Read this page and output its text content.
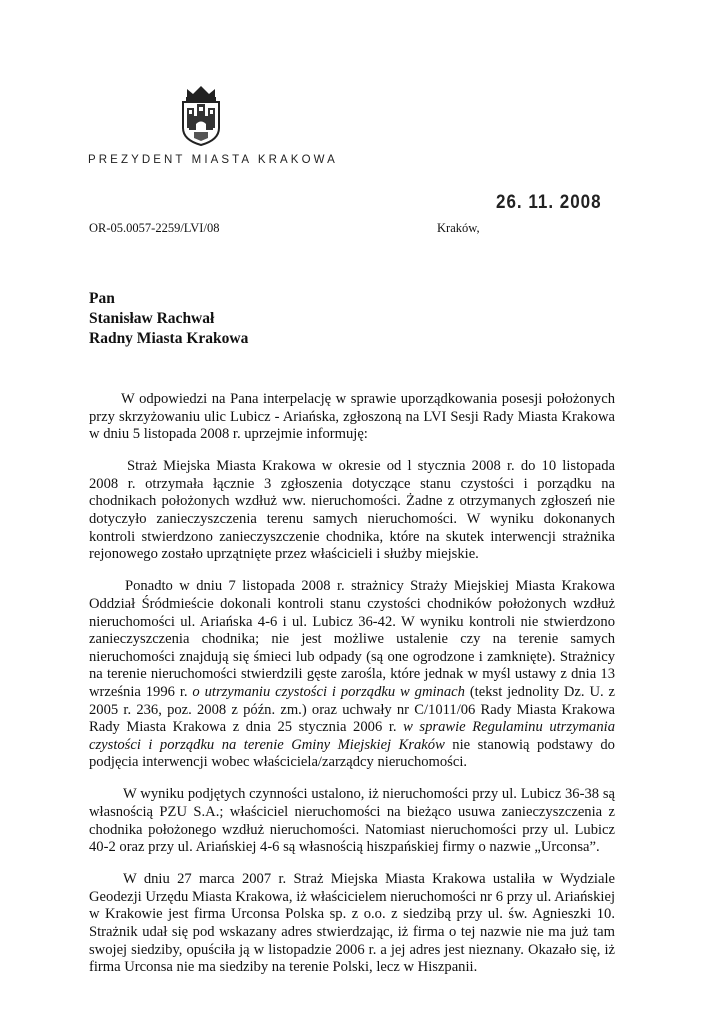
PREZYDENT MIASTA KRAKOWA
26. 11. 2008
OR-05.0057-2259/LVI/08	Kraków,
Pan
Stanisław Rachwał
Radny Miasta Krakowa

W odpowiedzi na Pana interpelację w sprawie uporządkowania posesji położonych przy skrzyżowaniu ulic Lubicz - Ariańska, zgłoszoną na LVI Sesji Rady Miasta Krakowa w dniu 5 listopada 2008 r. uprzejmie informuję:

Straż Miejska Miasta Krakowa w okresie od l stycznia 2008 r. do 10 listopada 2008 r. otrzymała łącznie 3 zgłoszenia dotyczące stanu czystości i porządku na chodnikach położonych wzdłuż ww. nieruchomości. Żadne z otrzymanych zgłoszeń nie dotyczyło zanieczyszczenia terenu samych nieruchomości. W wyniku dokonanych kontroli stwierdzono zanieczyszczenie chodnika, które na skutek interwencji strażnika rejonowego zostało uprzątnięte przez właścicieli i służby miejskie.

Ponadto w dniu 7 listopada 2008 r. strażnicy Straży Miejskiej Miasta Krakowa Oddział Śródmieście dokonali kontroli stanu czystości chodników położonych wzdłuż nieruchomości ul. Ariańska 4-6 i ul. Lubicz 36-42. W wyniku kontroli nie stwierdzono zanieczyszczenia chodnika; nie jest możliwe ustalenie czy na terenie samych nieruchomości znajdują się śmieci lub odpady (są one ogrodzone i zamknięte). Strażnicy na terenie nieruchomości stwierdzili gęste zarośla, które jednak w myśl ustawy z dnia 13 września 1996 r. o utrzymaniu czystości i porządku w gminach (tekst jednolity Dz. U. z 2005 r. 236, poz. 2008 z późn. zm.) oraz uchwały nr C/1011/06 Rady Miasta Krakowa Rady Miasta Krakowa z dnia 25 stycznia 2006 r. w sprawie Regulaminu utrzymania czystości i porządku na terenie Gminy Miejskiej Kraków nie stanowią podstawy do podjęcia interwencji wobec właściciela/zarządcy nieruchomości.

W wyniku podjętych czynności ustalono, iż nieruchomości przy ul. Lubicz 36-38 są własnością PZU S.A.; właściciel nieruchomości na bieżąco usuwa zanieczyszczenia z chodnika położonego wzdłuż nieruchomości. Natomiast nieruchomości przy ul. Lubicz 40-2 oraz przy ul. Ariańskiej 4-6 są własnością hiszpańskiej firmy o nazwie „Urconsa”.

W dniu 27 marca 2007 r. Straż Miejska Miasta Krakowa ustaliła w Wydziale Geodezji Urzędu Miasta Krakowa, iż właścicielem nieruchomości nr 6 przy ul. Ariańskiej w Krakowie jest firma Urconsa Polska sp. z o.o. z siedzibą przy ul. św. Agnieszki 10. Strażnik udał się pod wskazany adres stwierdzając, iż firma o tej nazwie nie ma już tam swojej siedziby, opuściła ją w listopadzie 2006 r. a jej adres jest nieznany. Okazało się, iż firma Urconsa nie ma siedziby na terenie Polski, lecz w Hiszpanii.
